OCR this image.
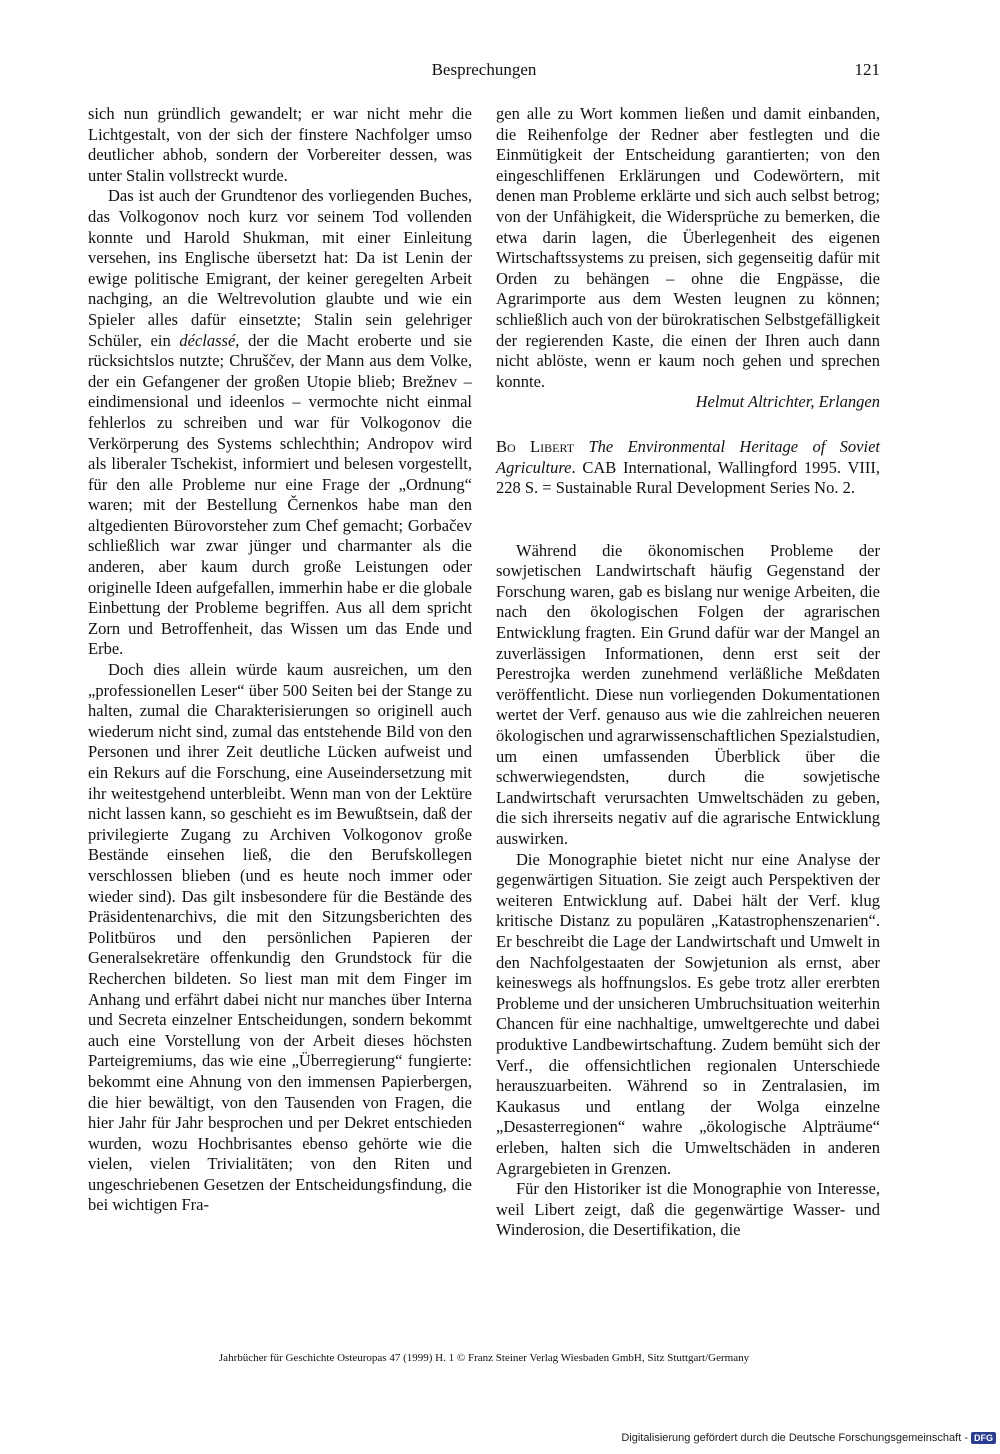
Besprechungen	121

sich nun gründlich gewandelt; er war nicht mehr die Lichtgestalt, von der sich der finstere Nachfolger umso deutlicher abhob, sondern der Vorbereiter dessen, was unter Stalin vollstreckt wurde.

Das ist auch der Grundtenor des vorliegenden Buches, das Volkogonov noch kurz vor seinem Tod vollenden konnte und Harold Shukman, mit einer Einleitung versehen, ins Englische übersetzt hat: Da ist Lenin der ewige politische Emigrant, der keiner geregelten Arbeit nachging, an die Weltrevolution glaubte und wie ein Spieler alles dafür einsetzte; Stalin sein gelehriger Schüler, ein déclassé, der die Macht eroberte und sie rücksichtslos nutzte; Chruščev, der Mann aus dem Volke, der ein Gefangener der großen Utopie blieb; Brežnev – eindimensional und ideenlos – vermochte nicht einmal fehlerlos zu schreiben und war für Volkogonov die Verkörperung des Systems schlechthin; Andropov wird als liberaler Tschekist, informiert und belesen vorgestellt, für den alle Probleme nur eine Frage der „Ordnung“ waren; mit der Bestellung Černenkos habe man den altgedienten Bürovorsteher zum Chef gemacht; Gorbačev schließlich war zwar jünger und charmanter als die anderen, aber kaum durch große Leistungen oder originelle Ideen aufgefallen, immerhin habe er die globale Einbettung der Probleme begriffen. Aus all dem spricht Zorn und Betroffenheit, das Wissen um das Ende und Erbe.

Doch dies allein würde kaum ausreichen, um den „professionellen Leser“ über 500 Seiten bei der Stange zu halten, zumal die Charakterisierungen so originell auch wiederum nicht sind, zumal das entstehende Bild von den Personen und ihrer Zeit deutliche Lücken aufweist und ein Rekurs auf die Forschung, eine Auseindersetzung mit ihr weitestgehend unterbleibt. Wenn man von der Lektüre nicht lassen kann, so geschieht es im Bewußtsein, daß der privilegierte Zugang zu Archiven Volkogonov große Bestände einsehen ließ, die den Berufskollegen verschlossen blieben (und es heute noch immer oder wieder sind). Das gilt insbesondere für die Bestände des Präsidentenarchivs, die mit den Sitzungsberichten des Politbüros und den persönlichen Papieren der Generalsekretäre offenkundig den Grundstock für die Recherchen bildeten. So liest man mit dem Finger im Anhang und erfährt dabei nicht nur manches über Interna und Secreta einzelner Entscheidungen, sondern bekommt auch eine Vorstellung von der Arbeit dieses höchsten Parteigremiums, das wie eine „Überregierung“ fungierte: bekommt eine Ahnung von den immensen Papierbergen, die hier bewältigt, von den Tausenden von Fragen, die hier Jahr für Jahr besprochen und per Dekret entschieden wurden, wozu Hochbrisantes ebenso gehörte wie die vielen, vielen Trivialitäten; von den Riten und ungeschriebenen Gesetzen der Entscheidungsfindung, die bei wichtigen Fra-

gen alle zu Wort kommen ließen und damit einbanden, die Reihenfolge der Redner aber festlegten und die Einmütigkeit der Entscheidung garantierten; von den eingeschliffenen Erklärungen und Codewörtern, mit denen man Probleme erklärte und sich auch selbst betrog; von der Unfähigkeit, die Widersprüche zu bemerken, die etwa darin lagen, die Überlegenheit des eigenen Wirtschaftssystems zu preisen, sich gegenseitig dafür mit Orden zu behängen – ohne die Engpässe, die Agrarimporte aus dem Westen leugnen zu können; schließlich auch von der bürokratischen Selbstgefälligkeit der regierenden Kaste, die einen der Ihren auch dann nicht ablöste, wenn er kaum noch gehen und sprechen konnte.

Helmut Altrichter, Erlangen

Bo Libert The Environmental Heritage of Soviet Agriculture. CAB International, Wallingford 1995. VIII, 228 S. = Sustainable Rural Development Series No. 2.

Während die ökonomischen Probleme der sowjetischen Landwirtschaft häufig Gegenstand der Forschung waren, gab es bislang nur wenige Arbeiten, die nach den ökologischen Folgen der agrarischen Entwicklung fragten. Ein Grund dafür war der Mangel an zuverlässigen Informationen, denn erst seit der Perestrojka werden zunehmend verläßliche Meßdaten veröffentlicht. Diese nun vorliegenden Dokumentationen wertet der Verf. genauso aus wie die zahlreichen neueren ökologischen und agrarwissenschaftlichen Spezialstudien, um einen umfassenden Überblick über die schwerwiegendsten, durch die sowjetische Landwirtschaft verursachten Umweltschäden zu geben, die sich ihrerseits negativ auf die agrarische Entwicklung auswirken.

Die Monographie bietet nicht nur eine Analyse der gegenwärtigen Situation. Sie zeigt auch Perspektiven der weiteren Entwicklung auf. Dabei hält der Verf. klug kritische Distanz zu populären „Katastrophenszenarien“. Er beschreibt die Lage der Landwirtschaft und Umwelt in den Nachfolgestaaten der Sowjetunion als ernst, aber keineswegs als hoffnungslos. Es gebe trotz aller ererbten Probleme und der unsicheren Umbruchsituation weiterhin Chancen für eine nachhaltige, umweltgerechte und dabei produktive Landbewirtschaftung. Zudem bemüht sich der Verf., die offensichtlichen regionalen Unterschiede herauszuarbeiten. Während so in Zentralasien, im Kaukasus und entlang der Wolga einzelne „Desasterregionen“ wahre „ökologische Alpträume“ erleben, halten sich die Umweltschäden in anderen Agrargebieten in Grenzen.

Für den Historiker ist die Monographie von Interesse, weil Libert zeigt, daß die gegenwärtige Wasser- und Winderosion, die Desertifikation, die

Jahrbücher für Geschichte Osteuropas 47 (1999) H. 1 © Franz Steiner Verlag Wiesbaden GmbH, Sitz Stuttgart/Germany
Digitalisierung gefördert durch die Deutsche Forschungsgemeinschaft - DFG
